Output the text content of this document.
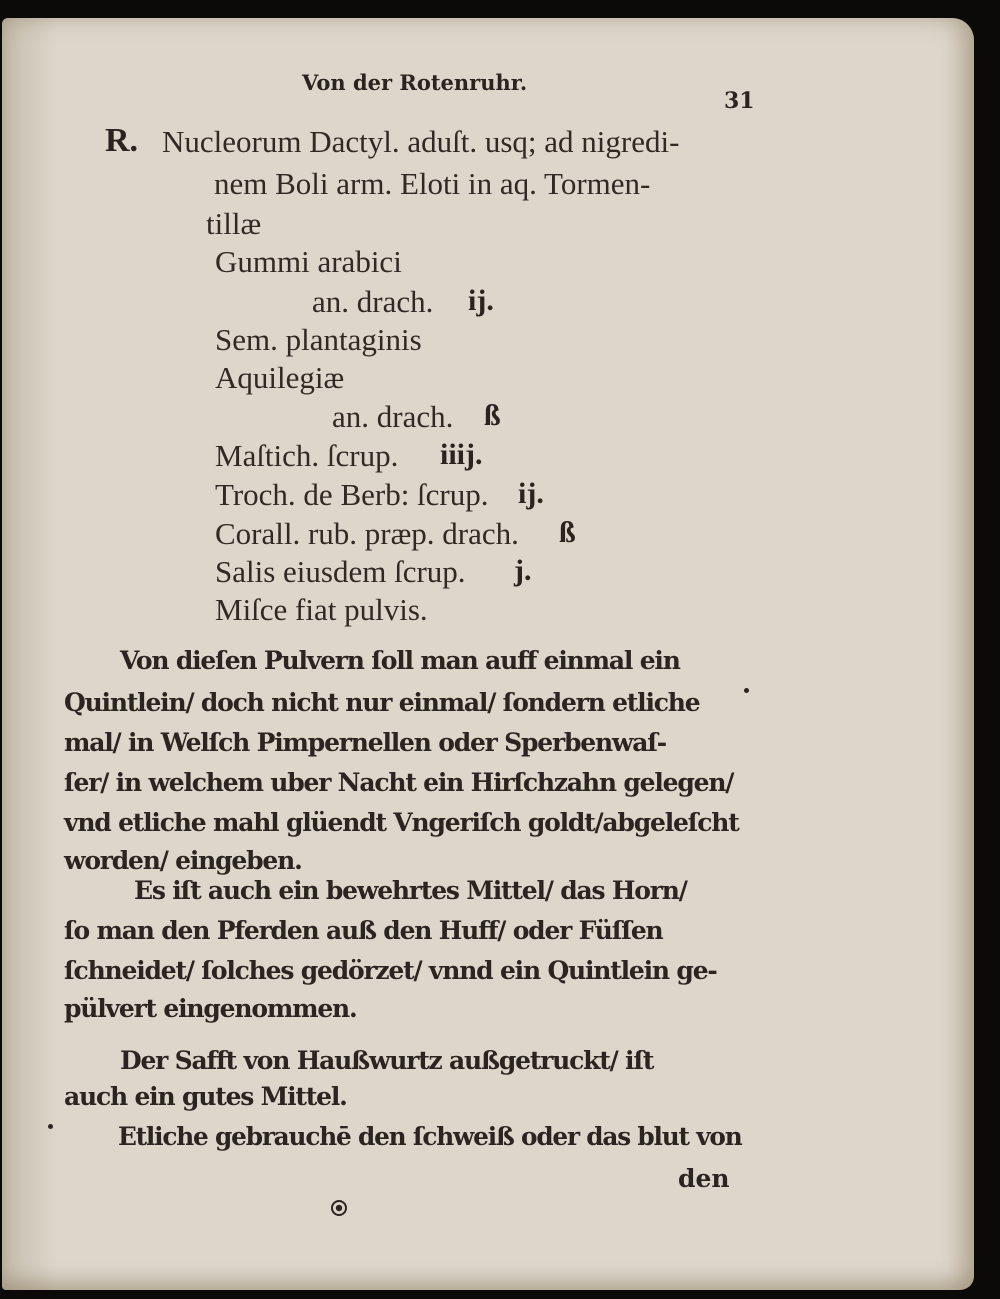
Von der Rotenruhr.
31
R. Nucleorum Dactyl. aduſt. usq; ad nigredi-
nem Boli arm. Eloti in aq. Tormen-
tillæ
Gummi arabici
an. drach. ij.
Sem. plantaginis
Aquilegiæ
an. drach. ß
Maſtich. ſcrup. iiij.
Troch. de Berb: ſcrup. ij.
Corall. rub. præp. drach. ß
Salis eiusdem ſcrup. j.
Miſce fiat pulvis.
Von dieſen Pulvern ſoll man auff einmal ein
Quintlein/ doch nicht nur einmal/ ſondern etliche
mal/ in Welſch Pimpernellen oder Sperbenwaſ-
ſer/ in welchem uber Nacht ein Hirſchzahn gelegen/
vnd etliche mahl glüendt Vngeriſch goldt/abgeleſcht
worden/ eingeben.
Es iſt auch ein bewehrtes Mittel/ das Horn/
ſo man den Pferden auß den Huff/ oder Füſſen
ſchneidet/ ſolches gedörzet/ vnnd ein Quintlein ge-
pülvert eingenommen.
Der Safft von Haußwurtz außgetruckt/ iſt
auch ein gutes Mittel.
Etliche gebrauchē den ſchweiß oder das blut von
den
